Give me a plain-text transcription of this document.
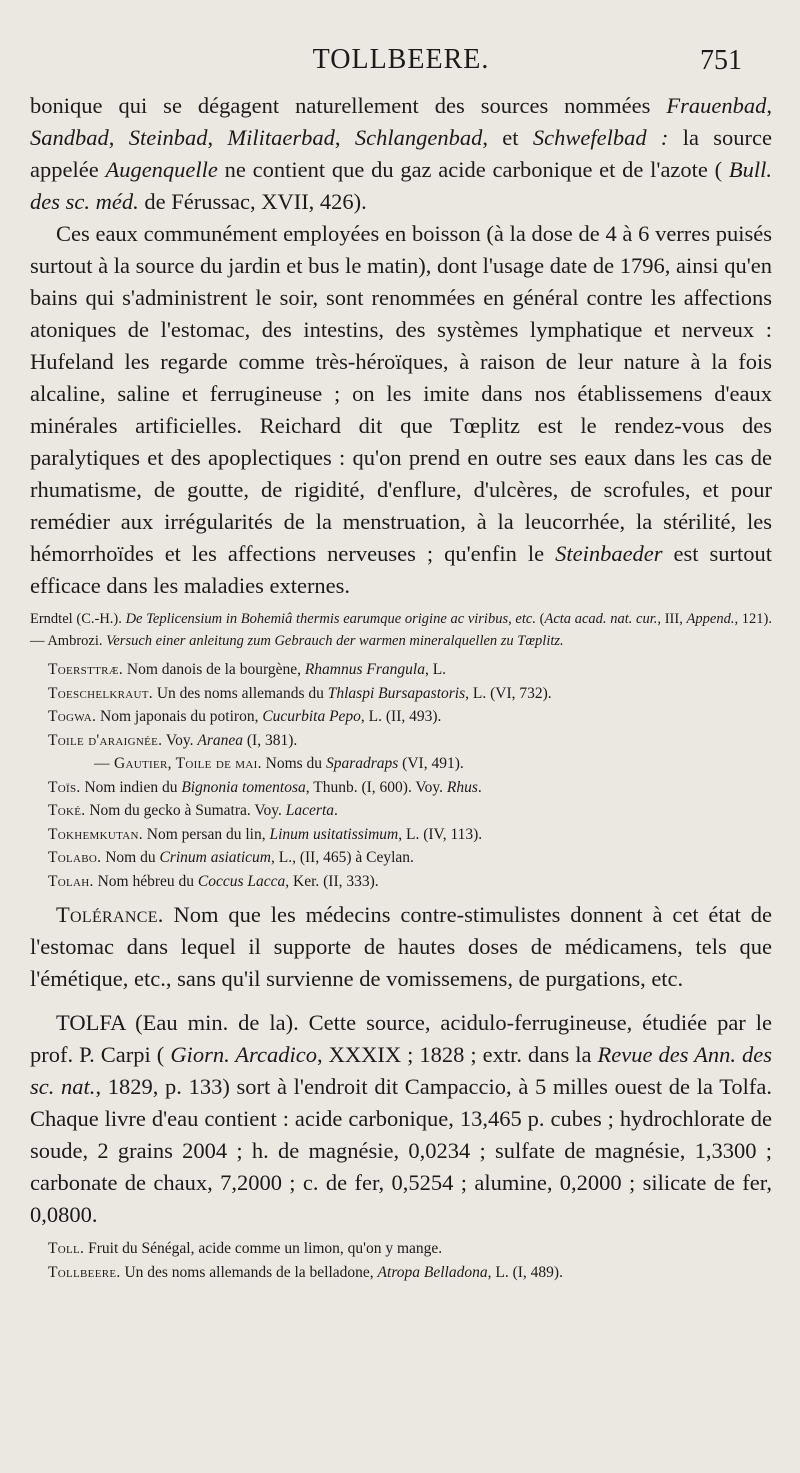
TOLLBEERE.	751

bonique qui se dégagent naturellement des sources nommées Frauenbad, Sandbad, Steinbad, Militaerbad, Schlangenbad, et Schwefelbad : la source appelée Augenquelle ne contient que du gaz acide carbonique et de l'azote ( Bull. des sc. méd. de Férussac, XVII, 426).

Ces eaux communément employées en boisson (à la dose de 4 à 6 verres puisés surtout à la source du jardin et bus le matin), dont l'usage date de 1796, ainsi qu'en bains qui s'administrent le soir, sont renommées en général contre les affections atoniques de l'estomac, des intestins, des systèmes lymphatique et nerveux : Hufeland les regarde comme très-héroïques, à raison de leur nature à la fois alcaline, saline et ferrugineuse ; on les imite dans nos établissemens d'eaux minérales artificielles. Reichard dit que Tœplitz est le rendez-vous des paralytiques et des apoplectiques : qu'on prend en outre ses eaux dans les cas de rhumatisme, de goutte, de rigidité, d'enflure, d'ulcères, de scrofules, et pour remédier aux irrégularités de la menstruation, à la leucorrhée, la stérilité, les hémorrhoïdes et les affections nerveuses ; qu'enfin le Steinbaeder est surtout efficace dans les maladies externes.

Erndtel (C.-H.). De Teplicensium in Bohemiâ thermis earumque origine ac viribus, etc. (Acta acad. nat. cur., III, Append., 121). — Ambrozi. Versuch einer anleitung zum Gebrauch der warmen mineralquellen zu Tœplitz.

Toersttræ. Nom danois de la bourgène, Rhamnus Frangula, L.
Toeschelkraut. Un des noms allemands du Thlaspi Bursapastoris, L. (VI, 732).
Togwa. Nom japonais du potiron, Cucurbita Pepo, L. (II, 493).
Toile d'araignée. Voy. Aranea (I, 381).
— Gautier, Toile de mai. Noms du Sparadraps (VI, 491).
Toïs. Nom indien du Bignonia tomentosa, Thunb. (I, 600). Voy. Rhus.
Toké. Nom du gecko à Sumatra. Voy. Lacerta.
Tokhemkutan. Nom persan du lin, Linum usitatissimum, L. (IV, 113).
Tolabo. Nom du Crinum asiaticum, L., (II, 465) à Ceylan.
Tolah. Nom hébreu du Coccus Lacca, Ker. (II, 333).

Tolérance. Nom que les médecins contre-stimulistes donnent à cet état de l'estomac dans lequel il supporte de hautes doses de médicamens, tels que l'émétique, etc., sans qu'il survienne de vomissemens, de purgations, etc.

TOLFA (Eau min. de la). Cette source, acidulo-ferrugineuse, étudiée par le prof. P. Carpi ( Giorn. Arcadico, XXXIX ; 1828 ; extr. dans la Revue des Ann. des sc. nat., 1829, p. 133) sort à l'endroit dit Campaccio, à 5 milles ouest de la Tolfa. Chaque livre d'eau contient : acide carbonique, 13,465 p. cubes ; hydrochlorate de soude, 2 grains 2004 ; h. de magnésie, 0,0234 ; sulfate de magnésie, 1,3300 ; carbonate de chaux, 7,2000 ; c. de fer, 0,5254 ; alumine, 0,2000 ; silicate de fer, 0,0800.

Toll. Fruit du Sénégal, acide comme un limon, qu'on y mange.
Tollbeere. Un des noms allemands de la belladone, Atropa Belladona, L. (I, 489).
